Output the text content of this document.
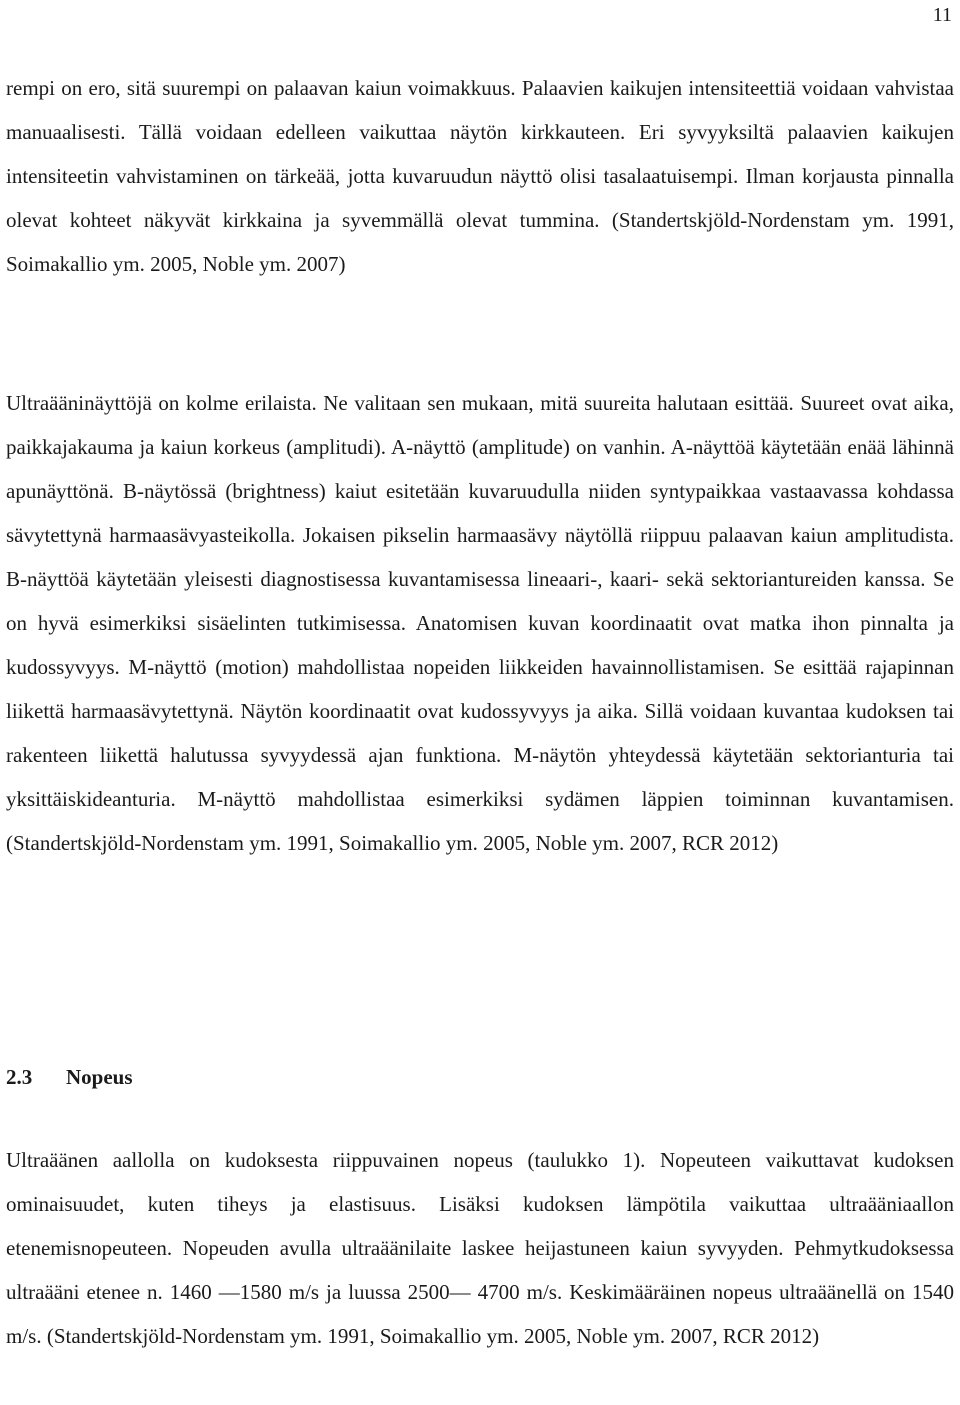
11

rempi on ero, sitä suurempi on palaavan kaiun voimakkuus. Palaavien kaikujen intensiteettiä voidaan vahvistaa manuaalisesti. Tällä voidaan edelleen vaikuttaa näytön kirkkauteen. Eri syvyyksiltä palaavien kaikujen intensiteetin vahvistaminen on tärkeää, jotta kuvaruudun näyttö olisi tasalaatuisempi. Ilman korjausta pinnalla olevat kohteet näkyvät kirkkaina ja syvemmällä olevat tummina. (Standertskjöld-Nordenstam ym. 1991, Soimakallio ym. 2005, Noble ym. 2007)

Ultraääninäyttöjä on kolme erilaista. Ne valitaan sen mukaan, mitä suureita halutaan esittää. Suureet ovat aika, paikkajakauma ja kaiun korkeus (amplitudi). A-näyttö (amplitude) on vanhin. A-näyttöä käytetään enää lähinnä apunäyttönä. B-näytössä (brightness) kaiut esitetään kuvaruudulla niiden syntypaikkaa vastaavassa kohdassa sävytettynä harmaasävyasteikolla. Jokaisen pikselin harmaasävy näytöllä riippuu palaavan kaiun amplitudista. B-näyttöä käytetään yleisesti diagnostisessa kuvantamisessa lineaari-, kaari- sekä sektoriantureiden kanssa. Se on hyvä esimerkiksi sisäelinten tutkimisessa. Anatomisen kuvan koordinaatit ovat matka ihon pinnalta ja kudossyvyys. M-näyttö (motion) mahdollistaa nopeiden liikkeiden havainnollistamisen. Se esittää rajapinnan liikettä harmaasävytettynä. Näytön koordinaatit ovat kudossyvyys ja aika. Sillä voidaan kuvantaa kudoksen tai rakenteen liikettä halutussa syvyydessä ajan funktiona. M-näytön yhteydessä käytetään sektorianturia tai yksittäiskideanturia. M-näyttö mahdollistaa esimerkiksi sydämen läppien toiminnan kuvantamisen. (Standertskjöld-Nordenstam ym. 1991, Soimakallio ym. 2005, Noble ym. 2007, RCR 2012)

2.3 Nopeus

Ultraäänen aallolla on kudoksesta riippuvainen nopeus (taulukko 1). Nopeuteen vaikuttavat kudoksen ominaisuudet, kuten tiheys ja elastisuus. Lisäksi kudoksen lämpötila vaikuttaa ultraääniaallon etenemisnopeuteen. Nopeuden avulla ultraäänilaite laskee heijastuneen kaiun syvyyden. Pehmytkudoksessa ultraääni etenee n. 1460 —1580 m/s ja luussa 2500— 4700 m/s. Keskimääräinen nopeus ultraäänellä on 1540 m/s. (Standertskjöld-Nordenstam ym. 1991, Soimakallio ym. 2005, Noble ym. 2007, RCR 2012)
